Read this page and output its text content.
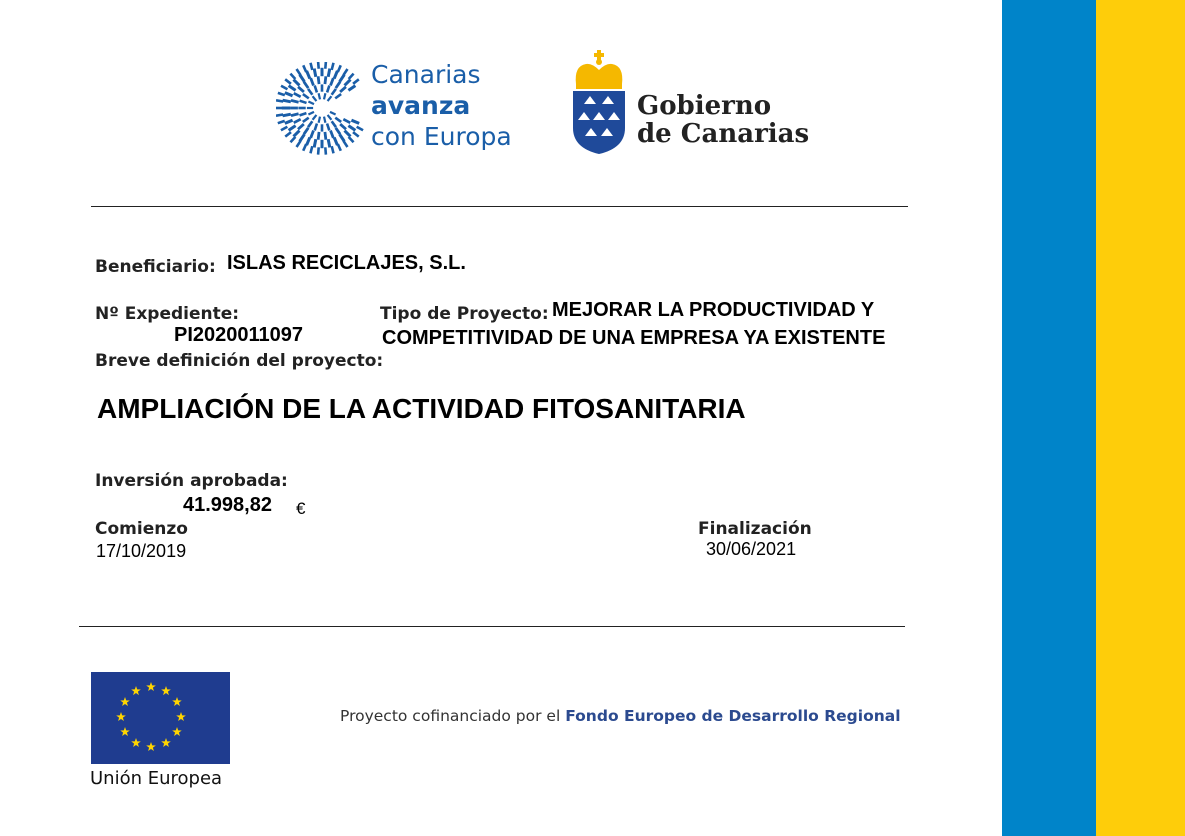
Canarias
avanza
con Europa
Gobierno
de Canarias
Beneficiario: ISLAS RECICLAJES, S.L.
Nº Expediente:
PI2020011097
Tipo de Proyecto: MEJORAR LA PRODUCTIVIDAD Y
COMPETITIVIDAD DE UNA EMPRESA YA EXISTENTE
Breve definición del proyecto:
AMPLIACIÓN DE LA ACTIVIDAD FITOSANITARIA
Inversión aprobada:
41.998,82 €
Comienzo
17/10/2019
Finalización
30/06/2021
Unión Europea
Proyecto cofinanciado por el Fondo Europeo de Desarrollo Regional
